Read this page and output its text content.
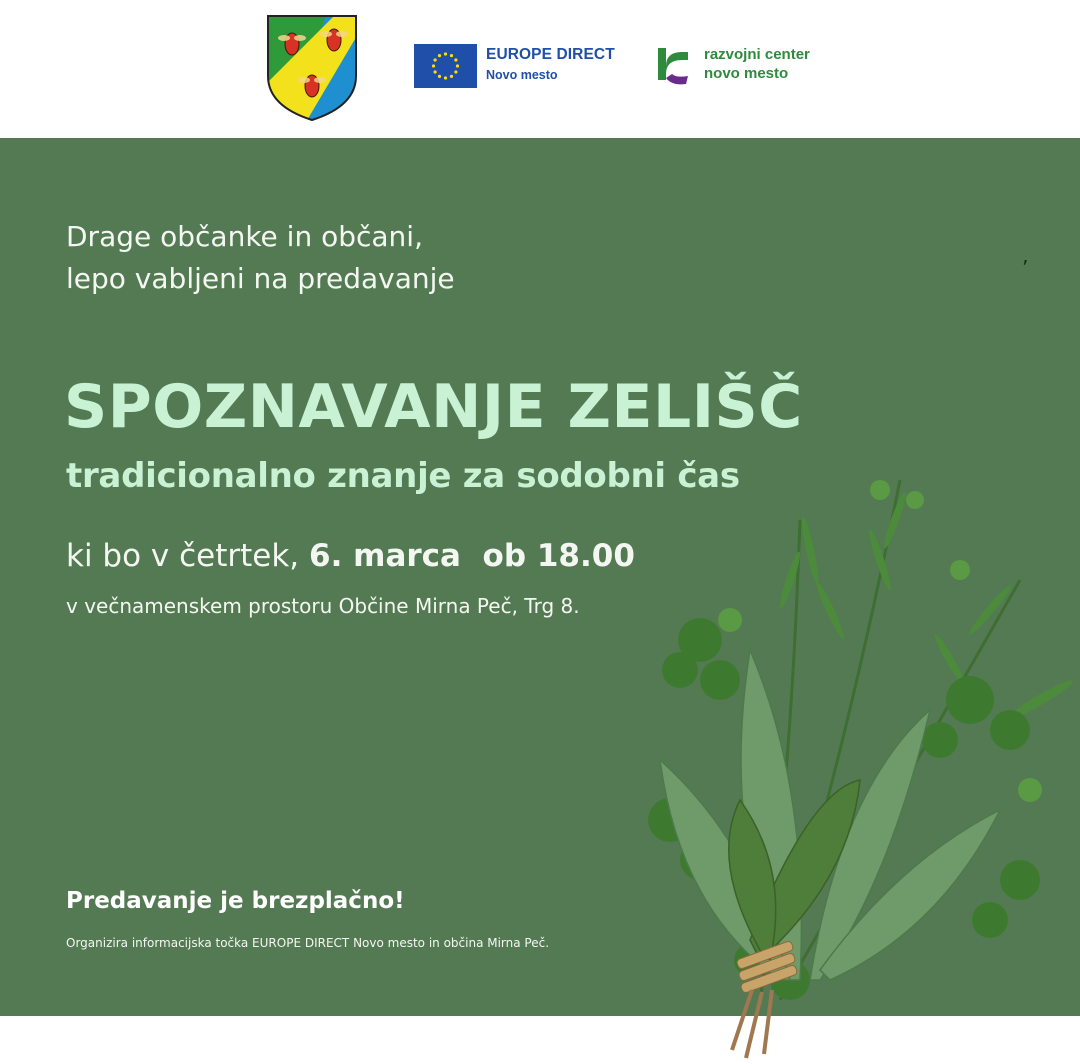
EUROPE DIRECT
Novo mesto
razvojni center
novo mesto
Drage občanke in občani,
lepo vabljeni na predavanje	’
SPOZNAVANJE ZELIŠČ
tradicionalno znanje za sodobni čas
ki bo v četrtek, 6. marca  ob 18.00
v večnamenskem prostoru Občine Mirna Peč, Trg 8.
Predavanje je brezplačno!
Organizira informacijska točka EUROPE DIRECT Novo mesto in občina Mirna Peč.
